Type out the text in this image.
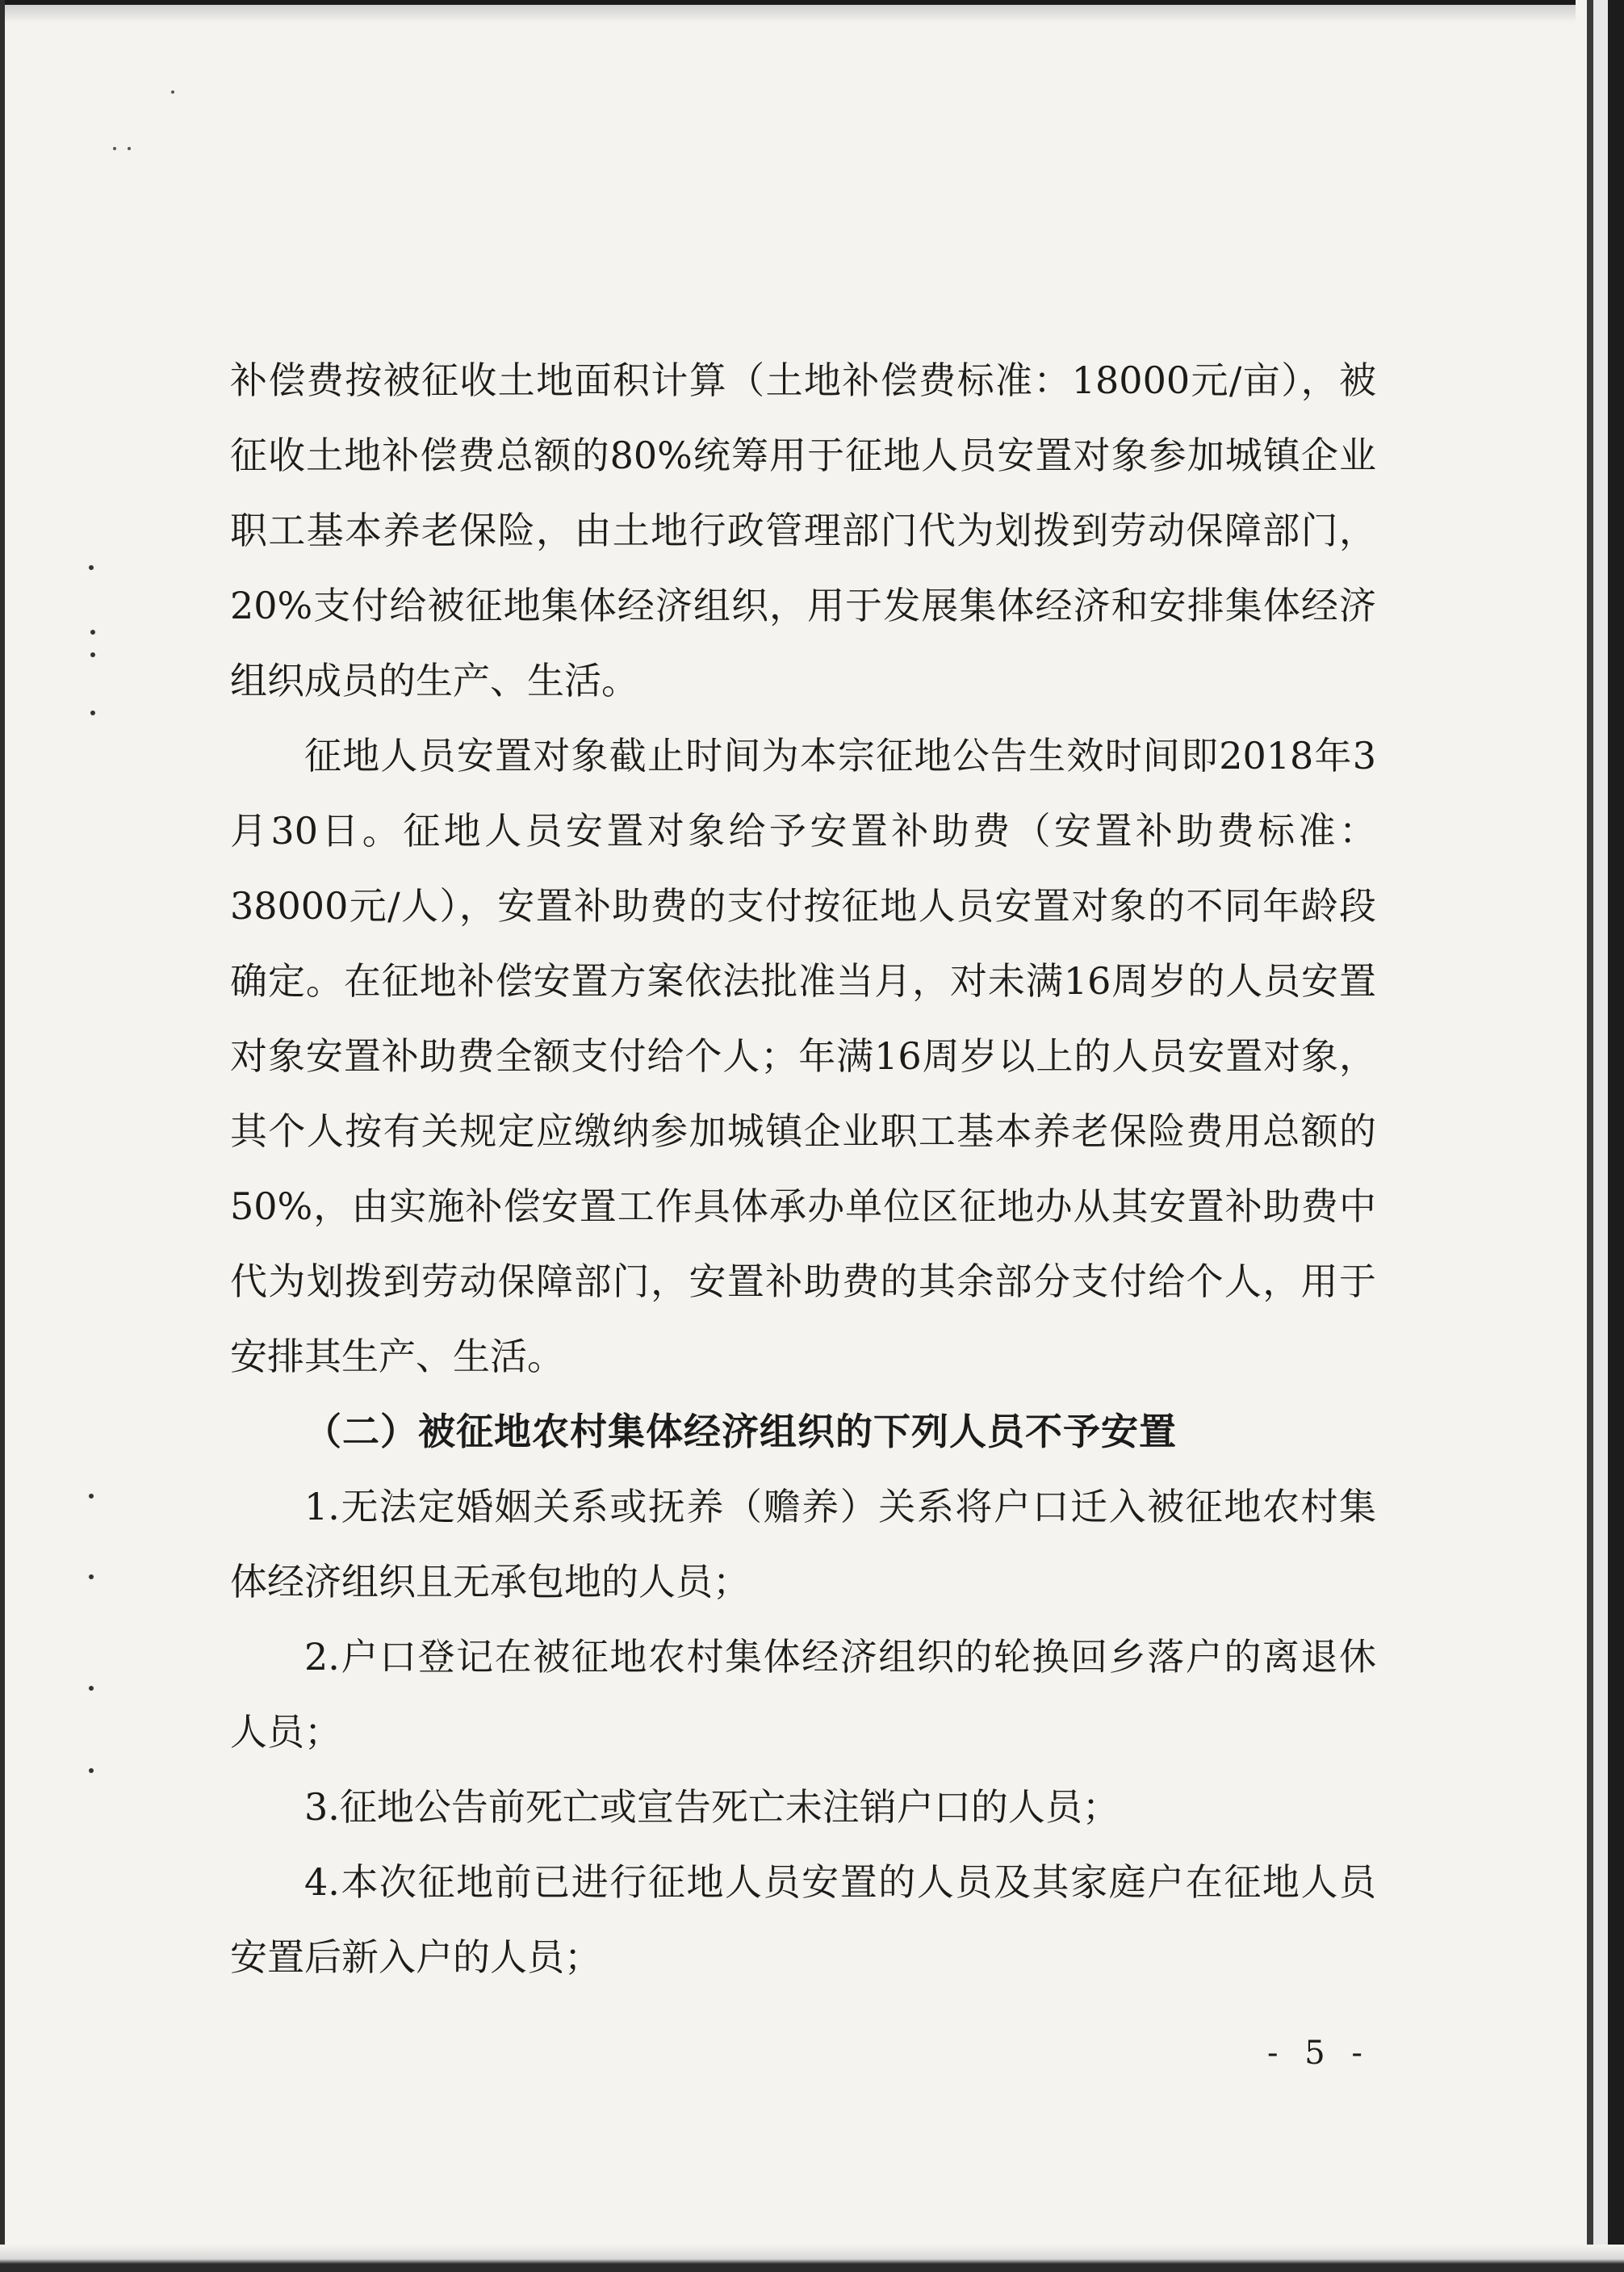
补偿费按被征收土地面积计算（土地补偿费标准：18000元/亩），被征收土地补偿费总额的80%统筹用于征地人员安置对象参加城镇企业职工基本养老保险，由土地行政管理部门代为划拨到劳动保障部门，20%支付给被征地集体经济组织，用于发展集体经济和安排集体经济组织成员的生产、生活。

征地人员安置对象截止时间为本宗征地公告生效时间即2018年3月30日。征地人员安置对象给予安置补助费（安置补助费标准：38000元/人），安置补助费的支付按征地人员安置对象的不同年龄段确定。在征地补偿安置方案依法批准当月，对未满16周岁的人员安置对象安置补助费全额支付给个人；年满16周岁以上的人员安置对象，其个人按有关规定应缴纳参加城镇企业职工基本养老保险费用总额的50%，由实施补偿安置工作具体承办单位区征地办从其安置补助费中代为划拨到劳动保障部门，安置补助费的其余部分支付给个人，用于安排其生产、生活。

（二）被征地农村集体经济组织的下列人员不予安置

1.无法定婚姻关系或抚养（赡养）关系将户口迁入被征地农村集体经济组织且无承包地的人员；

2.户口登记在被征地农村集体经济组织的轮换回乡落户的离退休人员；

3.征地公告前死亡或宣告死亡未注销户口的人员；

4.本次征地前已进行征地人员安置的人员及其家庭户在征地人员安置后新入户的人员；

- 5 -
